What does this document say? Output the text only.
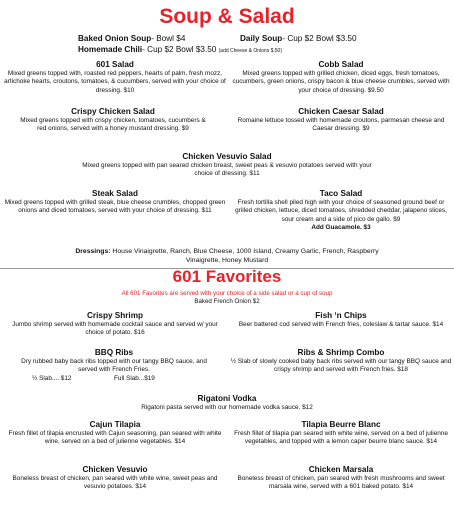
Soup & Salad
Baked Onion Soup- Bowl $4	Daily Soup- Cup $2 Bowl $3.50
Homemade Chili- Cup $2 Bowl $3.50 (add Cheese & Onions $.50)
601 Salad
Mixed greens topped with, roasted red peppers, hearts of palm, fresh mozz, artichoke hearts, croutons, tomatoes, & cucumbers, served with your choice of dressing. $10
Cobb Salad
Mixed greens topped with grilled chicken, diced eggs, fresh tomatoes, cucumbers, green onions, crispy bacon & blue cheese crumbles, served with your choice of dressing. $9.50
Crispy Chicken Salad
Mixed greens topped with crispy chicken, tomatoes, cucumbers & red onions, served with a honey mustard dressing. $9
Chicken Caesar Salad
Romaine lettuce tossed with homemade croutons, parmesan cheese and Caesar dressing. $9
Chicken Vesuvio Salad
Mixed greens topped with pan seared chicken breast, sweet peas & vesuvio potatoes served with your choice of dressing. $11
Steak Salad
Mixed greens topped with grilled steak, blue cheese crumbles, chopped green onions and diced tomatoes, served with your choice of dressing. $11
Taco Salad
Fresh tortilla shell piled high with your choice of seasoned ground beef or grilled chicken, lettuce, diced tomatoes, shredded cheddar, jalapeno slices, sour cream and a side of pico de gallo. $9
Add Guacamole. $3
Dressings: House Vinaigrette, Ranch, Blue Cheese, 1000 Island, Creamy Garlic, French, Raspberry Vinaigrette, Honey Mustard
601 Favorites
All 601 Favorites are served with your choice of a side salad or a cup of soup
Baked French Onion $2
Crispy Shrimp
Jumbo shrimp served with homemade cocktail sauce and served w/ your choice of potato. $16
Fish ‘n Chips
Beer battered cod served with French fries, coleslaw & tartar sauce. $14
BBQ Ribs
Dry rubbed baby back ribs topped with our tangy BBQ sauce, and served with French Fries.
½ Slab.... $12	Full Slab...$19
Ribs & Shrimp Combo
½ Slab of slowly cooked baby back ribs served with our tangy BBQ sauce and crispy shrimp and served with French fries. $18
Rigatoni Vodka
Rigatoni pasta served with our homemade vodka sauce. $12
Cajun Tilapia
Fresh fillet of tilapia encrusted with Cajun seasoning, pan seared with white wine, served on a bed of julienne vegetables. $14
Tilapia Beurre Blanc
Fresh fillet of tilapia pan seared with white wine, served on a bed of julienne vegetables, and topped with a lemon caper beurre blanc sauce. $14
Chicken Vesuvio
Boneless breast of chicken, pan seared with white wine, sweet peas and vesuvio potatoes. $14
Chicken Marsala
Boneless breast of chicken, pan seared with fresh mushrooms and sweet marsala wine, served with a 601 baked potato. $14
